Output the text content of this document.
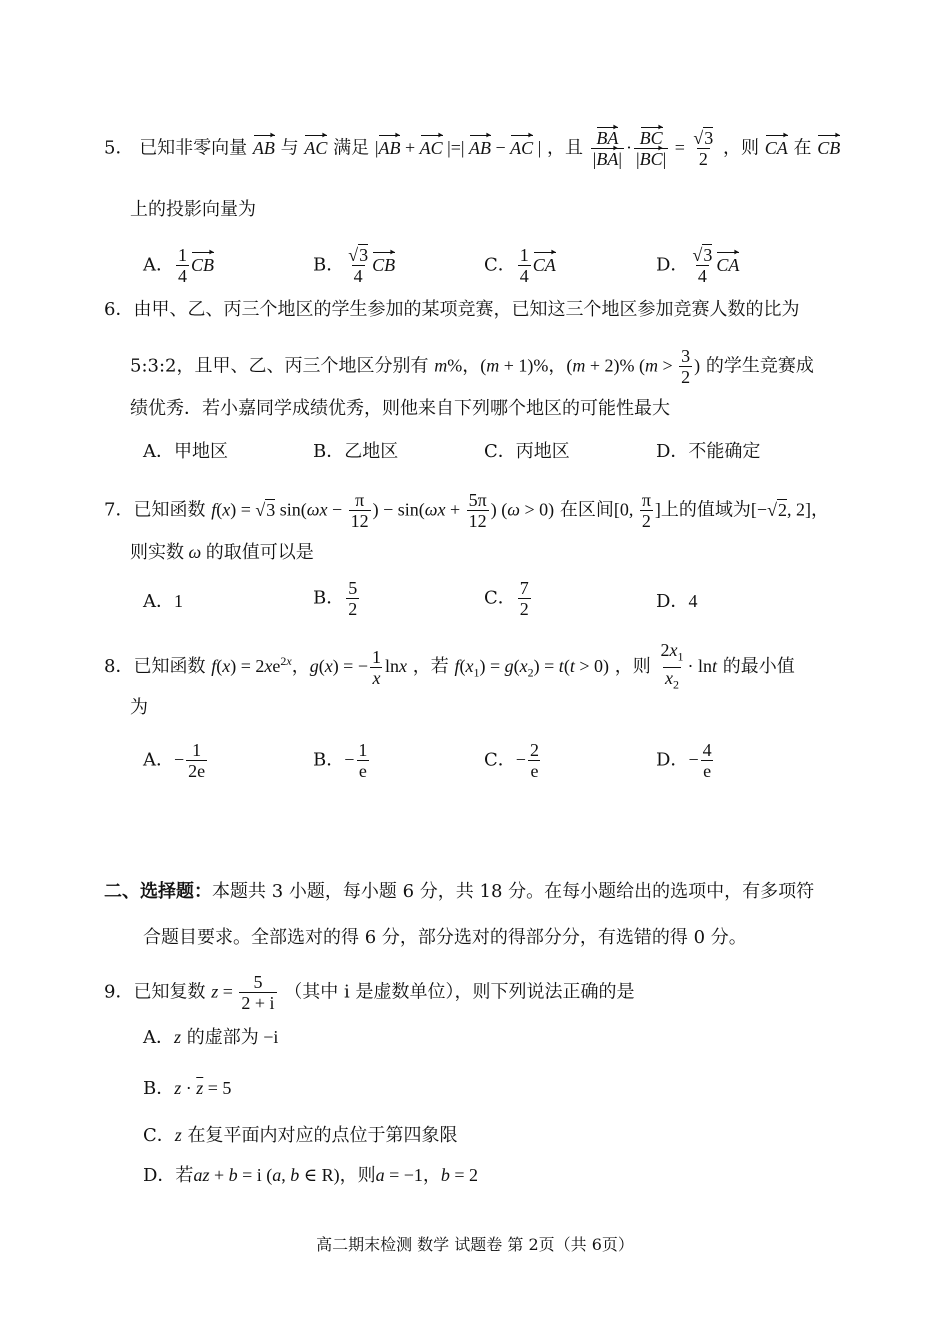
5． 已知非零向量 AB 与 AC 满足 |AB + AC |=| AB − AC | ，且 $\frac{BA}{|BA|} \cdot \frac{BC}{|BC|} = \frac{√3}{2}$ ，则 CA 在 CB
上的投影向量为
A． $\frac{1}{4}$ CB	B． $\frac{√3}{4}$ CB	C． $\frac{1}{4}$ CA	D． $\frac{√3}{4}$ CA
6．由甲、乙、丙三个地区的学生参加的某项竞赛，已知这三个地区参加竞赛人数的比为
5:3:2，且甲、乙、丙三个地区分别有 m%，(m + 1)%，(m + 2)% ($m > \frac{3}{2}$ ) 的学生竞赛成
绩优秀．若小嘉同学成绩优秀，则他来自下列哪个地区的可能性最大
A．甲地区	B．乙地区	C．丙地区	D．不能确定
7．已知函数 f(x) = √3 $\sin(\omega x - \frac{\pi}{12}$ ) − $\sin(\omega x + \frac{5\pi}{12}$ ) (ω > 0) 在区间[0, $\frac{\pi}{2}$ ]上的值域为[−√2, 2]，
则实数 ω 的取值可以是
A．1	B． $\frac{5}{2}$	C． $\frac{7}{2}$	D．4
8．已知函数 $f(x) = 2xe^{2x}$，g(x) = − $\frac{1}{x}$ lnx ，若 $f(x_1) = g(x_2) = t(t > 0)$ ，则 $\frac{2x_1}{x_2} \cdot \ln t$ 的最小值
为
A．− $\frac{1}{2e}$	B．− $\frac{1}{e}$	C．− $\frac{2}{e}$	D．− $\frac{4}{e}$
二、选择题：本题共 3 小题，每小题 6 分，共 18 分。在每小题给出的选项中，有多项符
合题目要求。全部选对的得 6 分，部分选对的得部分分，有选错的得 0 分。
9．已知复数 $z = \frac{5}{2 + i}$ （其中 i 是虚数单位），则下列说法正确的是
A．z 的虚部为 −i
B．$z \cdot \overline{z} = 5$
C．z 在复平面内对应的点位于第四象限
D．若az + b = i (a, b ∈ R)，则a = −1，b = 2
高二期末检测 数学 试题卷 第 2页（共 6页）
